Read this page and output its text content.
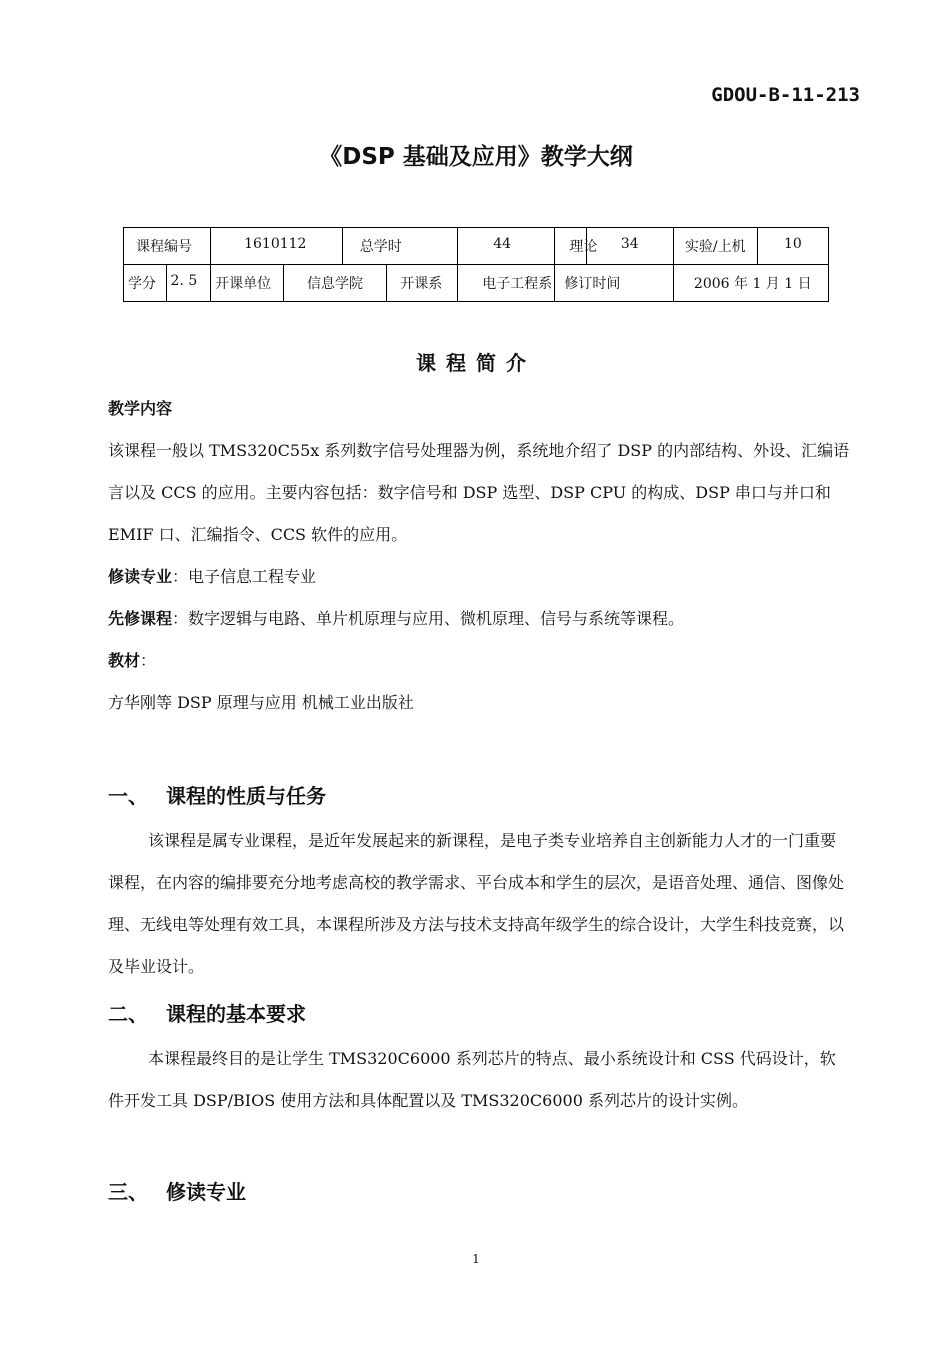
GDOU-B-11-213
《DSP 基础及应用》教学大纲
课程编号		1610112		总学时		44	理论	34	实验/上机	10

学分	2. 5	开课单位	信息学院		开课系	电子工程系	修订时间		2006 年 1 月 1 日	
课程简介

教学内容

该课程一般以 TMS320C55x 系列数字信号处理器为例，系统地介绍了 DSP 的内部结构、外设、汇编语言以及 CCS 的应用。主要内容包括：数字信号和 DSP 选型、DSP CPU 的构成、DSP 串口与并口和 EMIF 口、汇编指令、CCS 软件的应用。

修读专业：电子信息工程专业

先修课程：数字逻辑与电路、单片机原理与应用、微机原理、信号与系统等课程。

教材：

方华刚等 DSP 原理与应用 机械工业出版社

一、 课程的性质与任务

该课程是属专业课程，是近年发展起来的新课程，是电子类专业培养自主创新能力人才的一门重要课程，在内容的编排要充分地考虑高校的教学需求、平台成本和学生的层次，是语音处理、通信、图像处理、无线电等处理有效工具，本课程所涉及方法与技术支持高年级学生的综合设计，大学生科技竞赛，以及毕业设计。

二、 课程的基本要求

本课程最终目的是让学生 TMS320C6000 系列芯片的特点、最小系统设计和 CSS 代码设计，软件开发工具 DSP/BIOS 使用方法和具体配置以及 TMS320C6000 系列芯片的设计实例。

三、 修读专业
1
